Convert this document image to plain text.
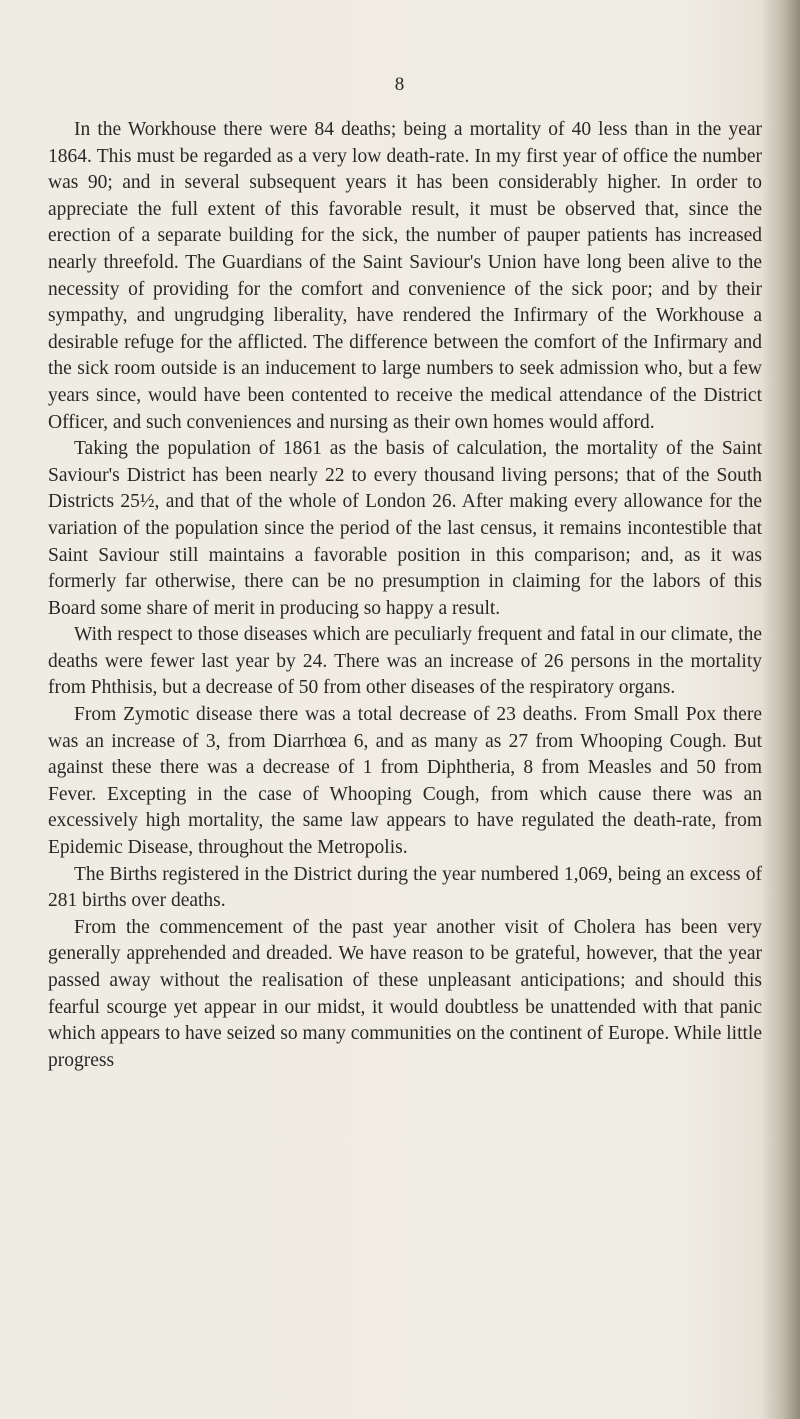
8

In the Workhouse there were 84 deaths; being a mortality of 40 less than in the year 1864. This must be regarded as a very low death-rate. In my first year of office the number was 90; and in several subsequent years it has been considerably higher. In order to appreciate the full extent of this favorable result, it must be observed that, since the erection of a separate building for the sick, the number of pauper patients has increased nearly threefold. The Guardians of the Saint Saviour's Union have long been alive to the necessity of providing for the comfort and convenience of the sick poor; and by their sympathy, and ungrudging liberality, have rendered the Infirmary of the Workhouse a desirable refuge for the afflicted. The difference between the comfort of the Infirmary and the sick room outside is an inducement to large numbers to seek admission who, but a few years since, would have been contented to receive the medical attendance of the District Officer, and such conveniences and nursing as their own homes would afford.

Taking the population of 1861 as the basis of calculation, the mortality of the Saint Saviour's District has been nearly 22 to every thousand living persons; that of the South Districts 25½, and that of the whole of London 26. After making every allowance for the variation of the population since the period of the last census, it remains incontestible that Saint Saviour still maintains a favorable position in this comparison; and, as it was formerly far otherwise, there can be no presumption in claiming for the labors of this Board some share of merit in producing so happy a result.

With respect to those diseases which are peculiarly frequent and fatal in our climate, the deaths were fewer last year by 24. There was an increase of 26 persons in the mortality from Phthisis, but a decrease of 50 from other diseases of the respiratory organs.

From Zymotic disease there was a total decrease of 23 deaths. From Small Pox there was an increase of 3, from Diarrhœa 6, and as many as 27 from Whooping Cough. But against these there was a decrease of 1 from Diphtheria, 8 from Measles and 50 from Fever. Excepting in the case of Whooping Cough, from which cause there was an excessively high mortality, the same law appears to have regulated the death-rate, from Epidemic Disease, throughout the Metropolis.

The Births registered in the District during the year numbered 1,069, being an excess of 281 births over deaths.

From the commencement of the past year another visit of Cholera has been very generally apprehended and dreaded. We have reason to be grateful, however, that the year passed away without the realisation of these unpleasant anticipations; and should this fearful scourge yet appear in our midst, it would doubtless be unattended with that panic which appears to have seized so many communities on the continent of Europe. While little progress
